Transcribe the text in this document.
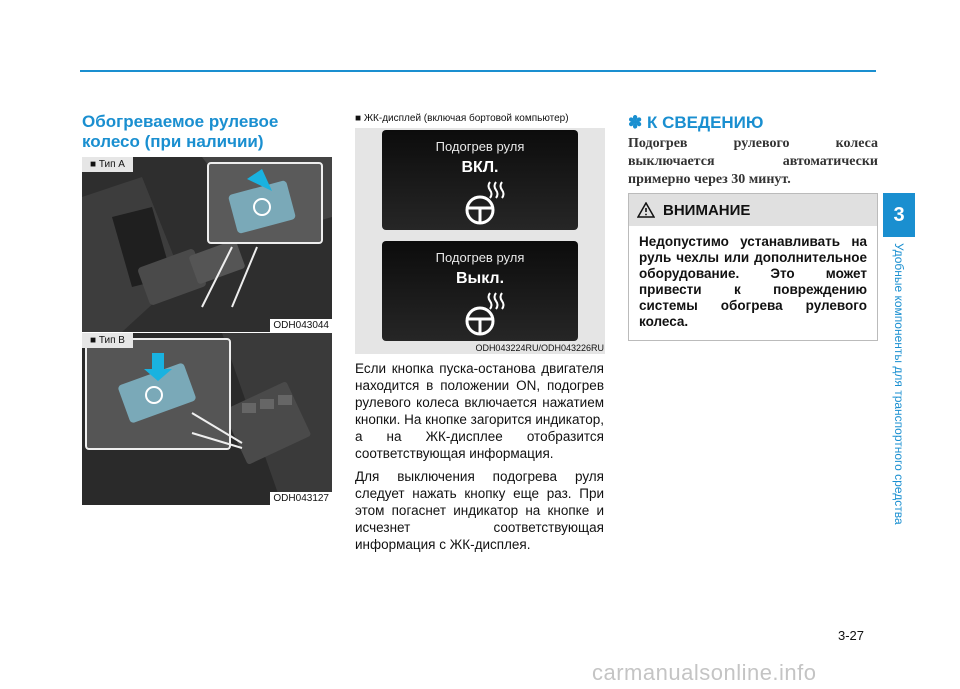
Обогреваемое рулевое колесо (при наличии)
■ Тип A
ODH043044
■ Тип B
ODH043127
■ ЖК-дисплей (включая бортовой компьютер)
Подогрев руля
ВКЛ.
Подогрев руля
Выкл.
ODH043224RU/ODH043226RU

Если кнопка пуска-остановa двигателя находится в положении ON, подогрев рулевого колеса включается нажатием кнопки. На кнопке загорится индикатор, а на ЖК-дисплее отобразится соответствующая информация.

Для выключения подогрева руля следует нажать кнопку еще раз. При этом погаснет индикатор на кнопке и исчезнет соответствующая информация с ЖК-дисплея.

✽ К СВЕДЕНИЮ
Подогрев рулевого колеса выключается автоматически примерно через 30 минут.
ВНИМАНИЕ
Недопустимо устанавливать на руль чехлы или дополнительное оборудование. Это может привести к повреждению системы обогрева рулевого колеса.
3
Удобные компоненты для транспортного средства
3-27
carmanualsonline.info
